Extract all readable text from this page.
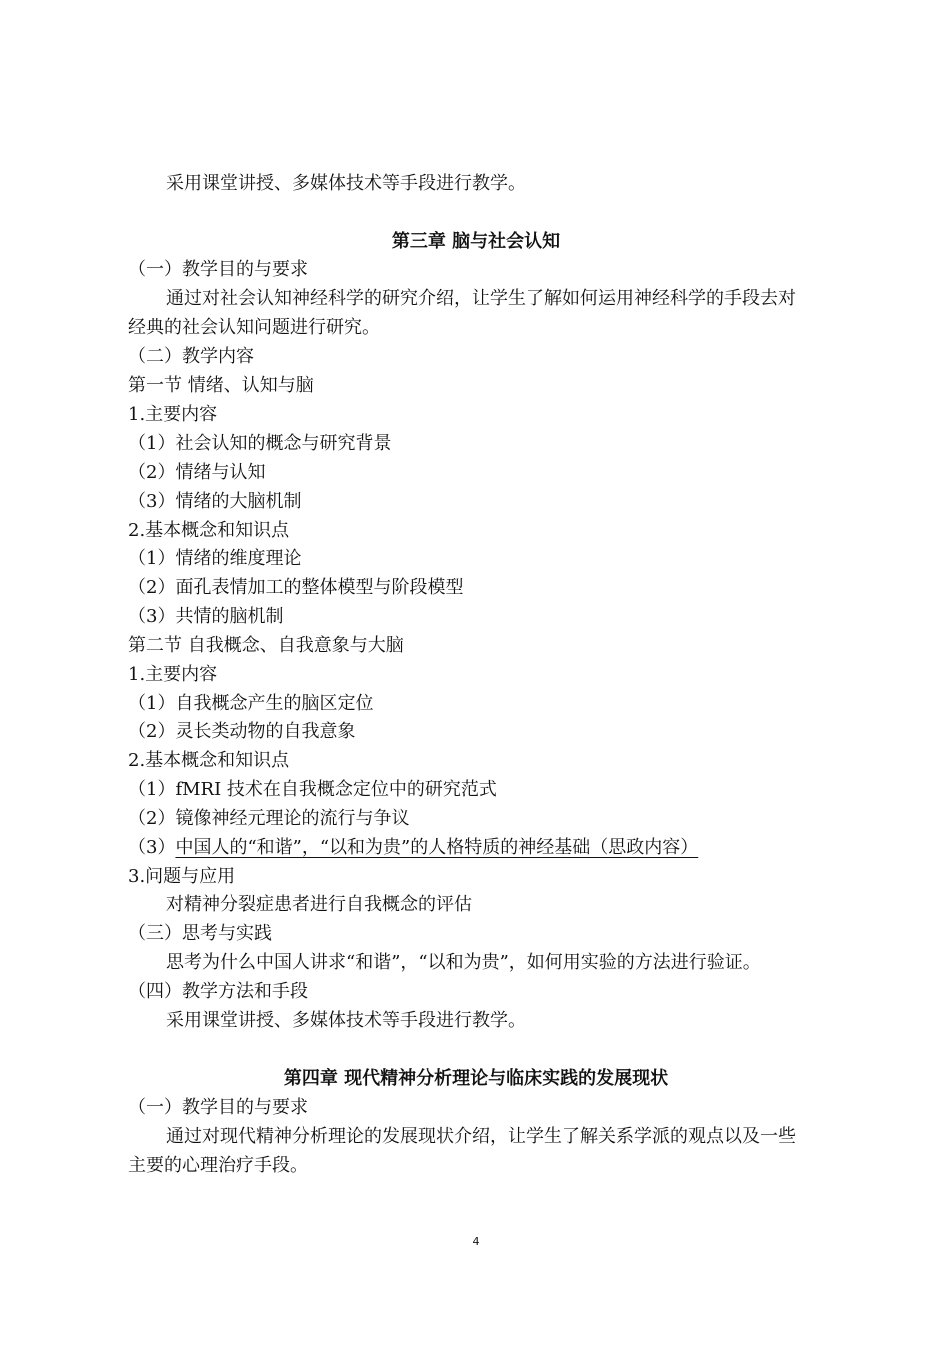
采用课堂讲授、多媒体技术等手段进行教学。
第三章 脑与社会认知
（一）教学目的与要求
通过对社会认知神经科学的研究介绍，让学生了解如何运用神经科学的手段去对
经典的社会认知问题进行研究。
（二）教学内容
第一节 情绪、认知与脑
1.主要内容
（1）社会认知的概念与研究背景
（2）情绪与认知
（3）情绪的大脑机制
2.基本概念和知识点
（1）情绪的维度理论
（2）面孔表情加工的整体模型与阶段模型
（3）共情的脑机制
第二节 自我概念、自我意象与大脑
1.主要内容
（1）自我概念产生的脑区定位
（2）灵长类动物的自我意象
2.基本概念和知识点
（1）fMRI 技术在自我概念定位中的研究范式
（2）镜像神经元理论的流行与争议
（3）中国人的“和谐”，“以和为贵”的人格特质的神经基础（思政内容）
3.问题与应用
对精神分裂症患者进行自我概念的评估
（三）思考与实践
思考为什么中国人讲求“和谐”，“以和为贵”，如何用实验的方法进行验证。
（四）教学方法和手段
采用课堂讲授、多媒体技术等手段进行教学。
第四章 现代精神分析理论与临床实践的发展现状
（一）教学目的与要求
通过对现代精神分析理论的发展现状介绍，让学生了解关系学派的观点以及一些
主要的心理治疗手段。
4
